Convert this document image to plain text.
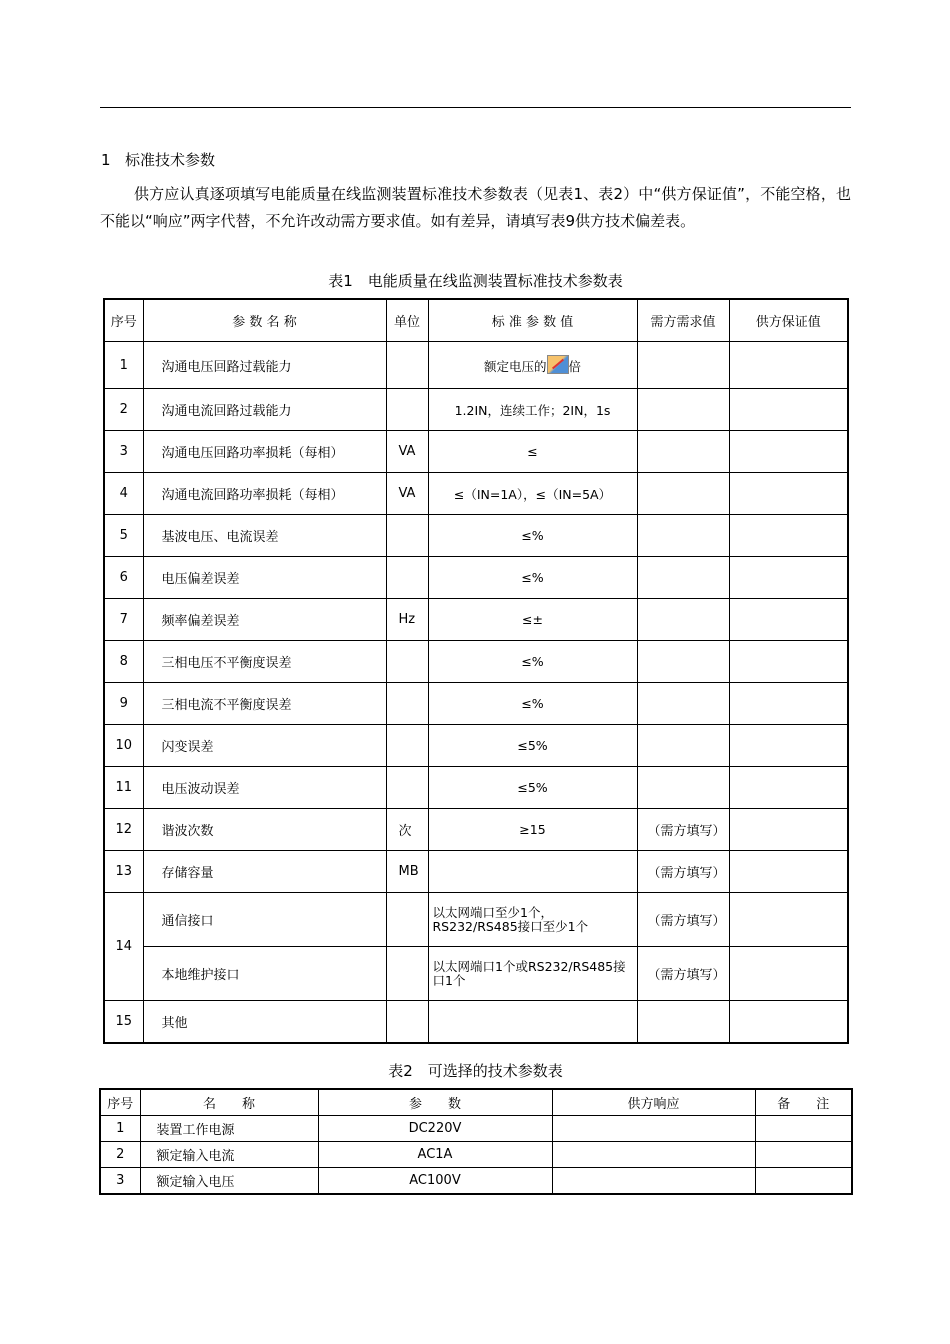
1 标准技术参数

供方应认真逐项填写电能质量在线监测装置标准技术参数表（见表1、表2）中“供方保证值”，不能空格，也不能以“响应”两字代替，不允许改动需方要求值。如有差异，请填写表9供方技术偏差表。

表1　电能质量在线监测装置标准技术参数表
序号	参 数 名 称	单位	标 准 参 数 值	需方需求值	供方保证值
1	沟通电压回路过载能力		额定电压的 倍		
2	沟通电流回路过载能力		1.2IN，连续工作；2IN，1s		
3	沟通电压回路功率损耗（每相）	VA	≤		
4	沟通电流回路功率损耗（每相）	VA	≤（IN=1A），≤（IN=5A）		
5	基波电压、电流误差		≤%		
6	电压偏差误差		≤%		
7	频率偏差误差	Hz	≤±		
8	三相电压不平衡度误差		≤%		
9	三相电流不平衡度误差		≤%		
10	闪变误差		≤5%		
11	电压波动误差		≤5%		
12	谐波次数	次	≥15	（需方填写）	
13	存储容量	MB		（需方填写）	
14	通信接口		以太网端口至少1个，RS232/RS485接口至少1个	（需方填写）	
	本地维护接口		以太网端口1个或RS232/RS485接口1个	（需方填写）	
15	其他				
表2　可选择的技术参数表
序号	名　　称	参　　数	供方响应	备　　注
1	装置工作电源	DC220V		
2	额定输入电流	AC1A		
3	额定输入电压	AC100V		
